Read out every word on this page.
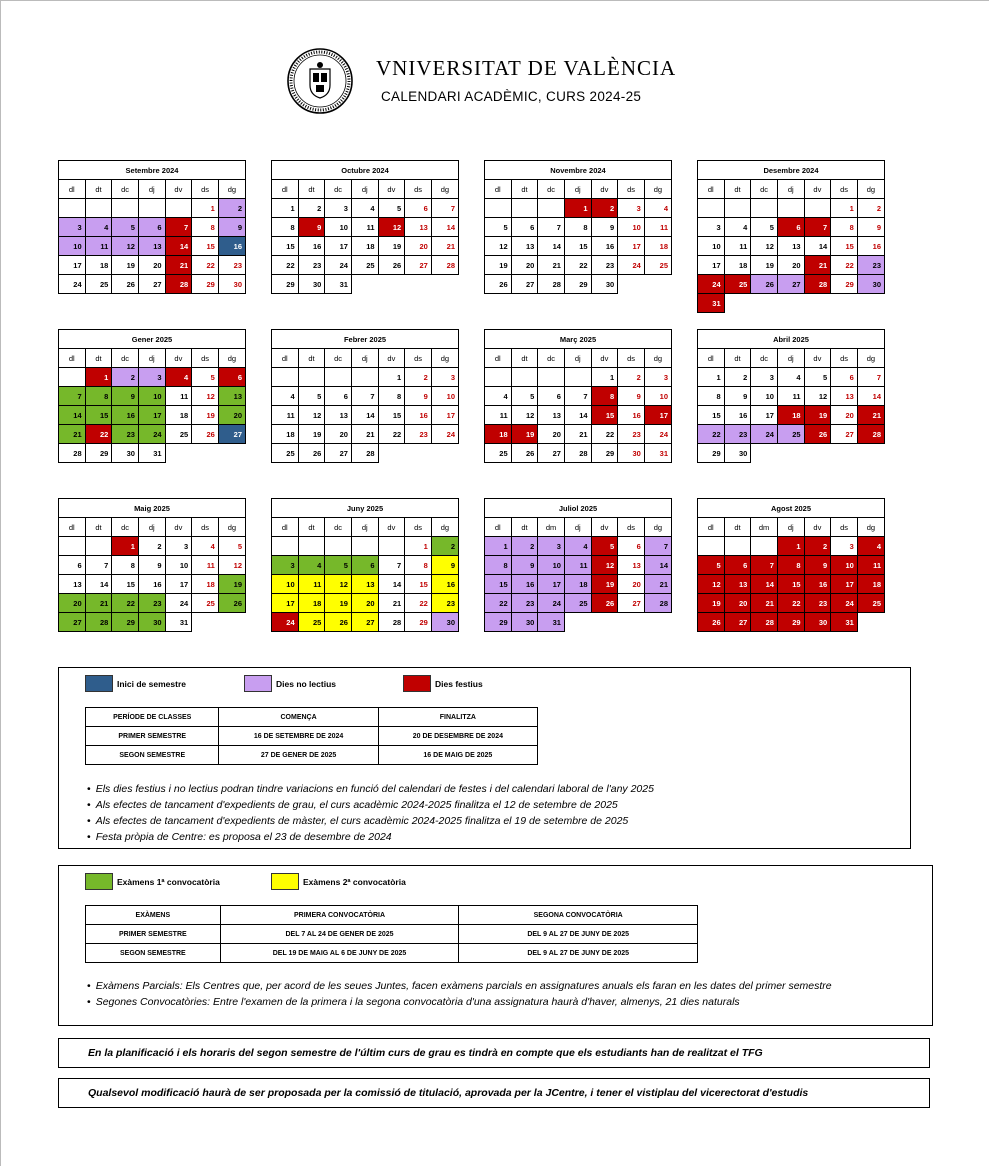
VNIVERSITAT DE VALÈNCIA
CALENDARI ACADÈMIC, CURS 2024-25
Setembre 2024						
dl	dt	dc	dj	dv	ds	dg
					1	2
3	4	5	6	7	8	9
10	11	12	13	14	15	16
17	18	19	20	21	22	23
24	25	26	27	28	29	30
Octubre 2024						
dl	dt	dc	dj	dv	ds	dg
1	2	3	4	5	6	7
8	9	10	11	12	13	14
15	16	17	18	19	20	21
22	23	24	25	26	27	28
29	30	31				
Novembre 2024						
dl	dt	dc	dj	dv	ds	dg
			1	2	3	4
5	6	7	8	9	10	11
12	13	14	15	16	17	18
19	20	21	22	23	24	25
26	27	28	29	30		
Desembre 2024						
dl	dt	dc	dj	dv	ds	dg
					1	2
3	4	5	6	7	8	9
10	11	12	13	14	15	16
17	18	19	20	21	22	23
24	25	26	27	28	29	30
31						
Gener 2025						
dl	dt	dc	dj	dv	ds	dg
	1	2	3	4	5	6
7	8	9	10	11	12	13
14	15	16	17	18	19	20
21	22	23	24	25	26	27
28	29	30	31			
Febrer 2025						
dl	dt	dc	dj	dv	ds	dg
				1	2	3
4	5	6	7	8	9	10
11	12	13	14	15	16	17
18	19	20	21	22	23	24
25	26	27	28			
Març 2025						
dl	dt	dc	dj	dv	ds	dg
				1	2	3
4	5	6	7	8	9	10
11	12	13	14	15	16	17
18	19	20	21	22	23	24
25	26	27	28	29	30	31
Abril 2025						
dl	dt	dc	dj	dv	ds	dg
1	2	3	4	5	6	7
8	9	10	11	12	13	14
15	16	17	18	19	20	21
22	23	24	25	26	27	28
29	30					
Maig 2025						
dl	dt	dc	dj	dv	ds	dg
		1	2	3	4	5
6	7	8	9	10	11	12
13	14	15	16	17	18	19
20	21	22	23	24	25	26
27	28	29	30	31		
Juny 2025						
dl	dt	dc	dj	dv	ds	dg
					1	2
3	4	5	6	7	8	9
10	11	12	13	14	15	16
17	18	19	20	21	22	23
24	25	26	27	28	29	30
Juliol 2025						
dl	dt	dm	dj	dv	ds	dg
1	2	3	4	5	6	7
8	9	10	11	12	13	14
15	16	17	18	19	20	21
22	23	24	25	26	27	28
29	30	31				
Agost 2025						
dl	dt	dm	dj	dv	ds	dg
			1	2	3	4
5	6	7	8	9	10	11
12	13	14	15	16	17	18
19	20	21	22	23	24	25
26	27	28	29	30	31	
Inici de semestre	Dies no lectius	Dies festius
PERÍODE DE CLASSES	COMENÇA	FINALITZA
PRIMER SEMESTRE	16 DE SETEMBRE DE 2024	20 DE DESEMBRE DE 2024
SEGON SEMESTRE	27 DE GENER DE 2025	16 DE MAIG DE 2025
• Els dies festius i no lectius podran tindre variacions en funció del calendari de festes i del calendari laboral de l'any 2025
• Als efectes de tancament d'expedients de grau, el curs acadèmic 2024-2025 finalitza el 12 de setembre de 2025
• Als efectes de tancament d'expedients de màster, el curs acadèmic 2024-2025 finalitza el 19 de setembre de 2025
• Festa pròpia de Centre: es proposa el 23 de desembre de 2024
Exàmens 1ª convocatòria	Exàmens 2ª convocatòria
EXÀMENS	PRIMERA CONVOCATÒRIA	SEGONA CONVOCATÒRIA
PRIMER SEMESTRE	DEL 7 AL 24 DE GENER DE 2025	DEL 9 AL 27 DE JUNY DE 2025
SEGON SEMESTRE	DEL 19 DE MAIG AL 6 DE JUNY DE 2025	DEL 9 AL 27 DE JUNY DE 2025
• Exàmens Parcials: Els Centres que, per acord de les seues Juntes, facen exàmens parcials en assignatures anuals els faran en les dates del primer semestre
• Segones Convocatòries: Entre l'examen de la primera i la segona convocatòria d'una assignatura haurà d'haver, almenys, 21 dies naturals
En la planificació i els horaris del segon semestre de l'últim curs de grau es tindrà en compte que els estudiants han de realitzat el TFG
Qualsevol modificació haurà de ser proposada per la comissió de titulació, aprovada per la JCentre, i tener el vistiplau del vicerectorat d'estudis
